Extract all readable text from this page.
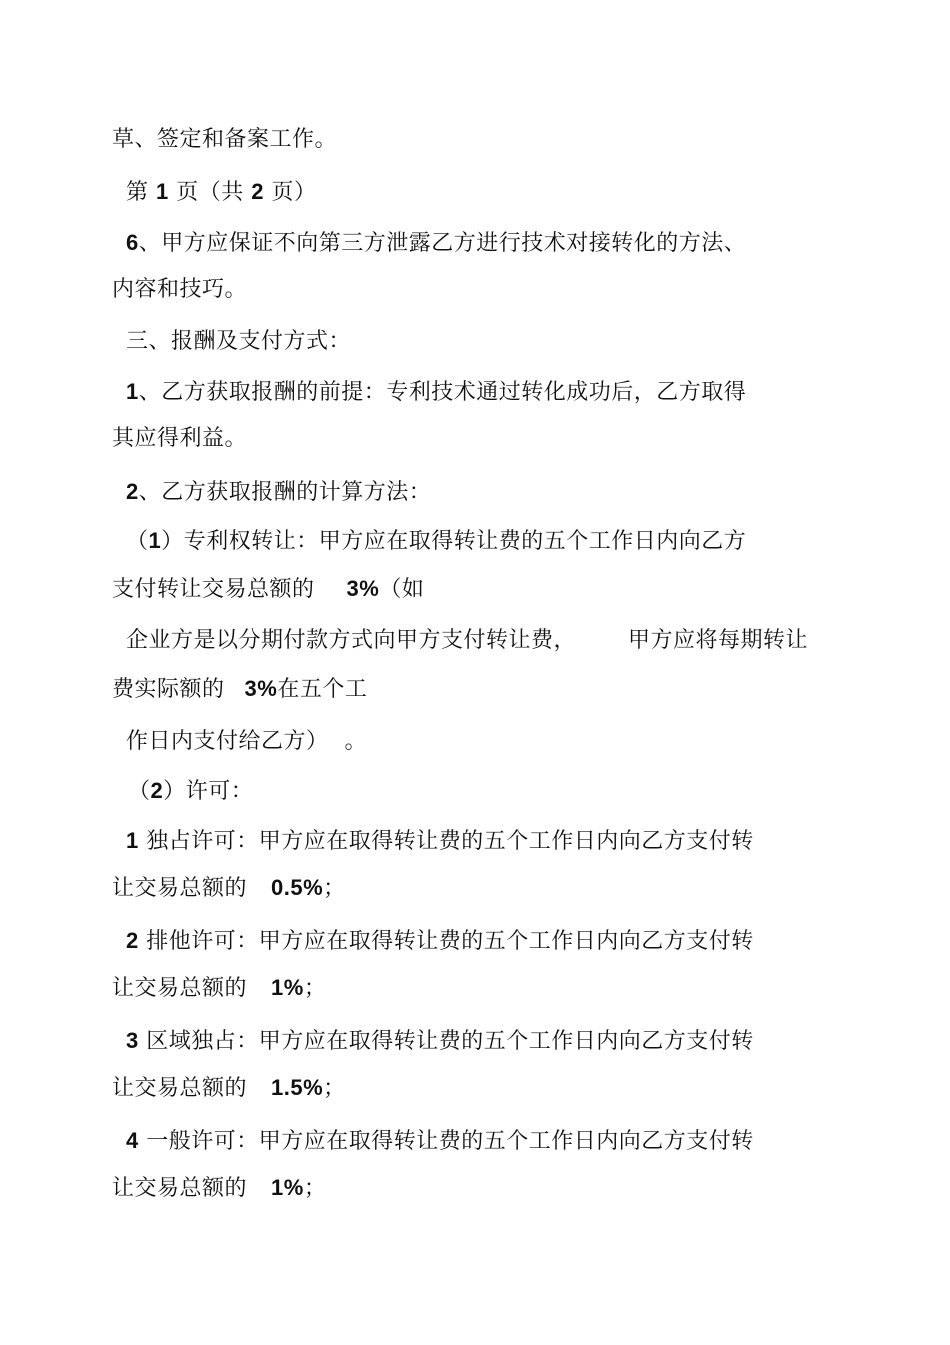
草、签定和备案工作。

第 1 页（共 2 页）

6、甲方应保证不向第三方泄露乙方进行技术对接转化的方法、

内容和技巧。

三、报酬及支付方式：

1、乙方获取报酬的前提：专利技术通过转化成功后，乙方取得

其应得利益。

2、乙方获取报酬的计算方法：

（1）专利权转让：甲方应在取得转让费的五个工作日内向乙方

支付转让交易总额的 3%（如

企业方是以分期付款方式向甲方支付转让费， 甲方应将每期转让

费实际额的 3%在五个工

作日内支付给乙方） 。

（2）许可：

1 独占许可：甲方应在取得转让费的五个工作日内向乙方支付转

让交易总额的 0.5%；

2 排他许可：甲方应在取得转让费的五个工作日内向乙方支付转

让交易总额的 1%；

3 区域独占：甲方应在取得转让费的五个工作日内向乙方支付转

让交易总额的 1.5%；

4 一般许可：甲方应在取得转让费的五个工作日内向乙方支付转

让交易总额的 1%；
